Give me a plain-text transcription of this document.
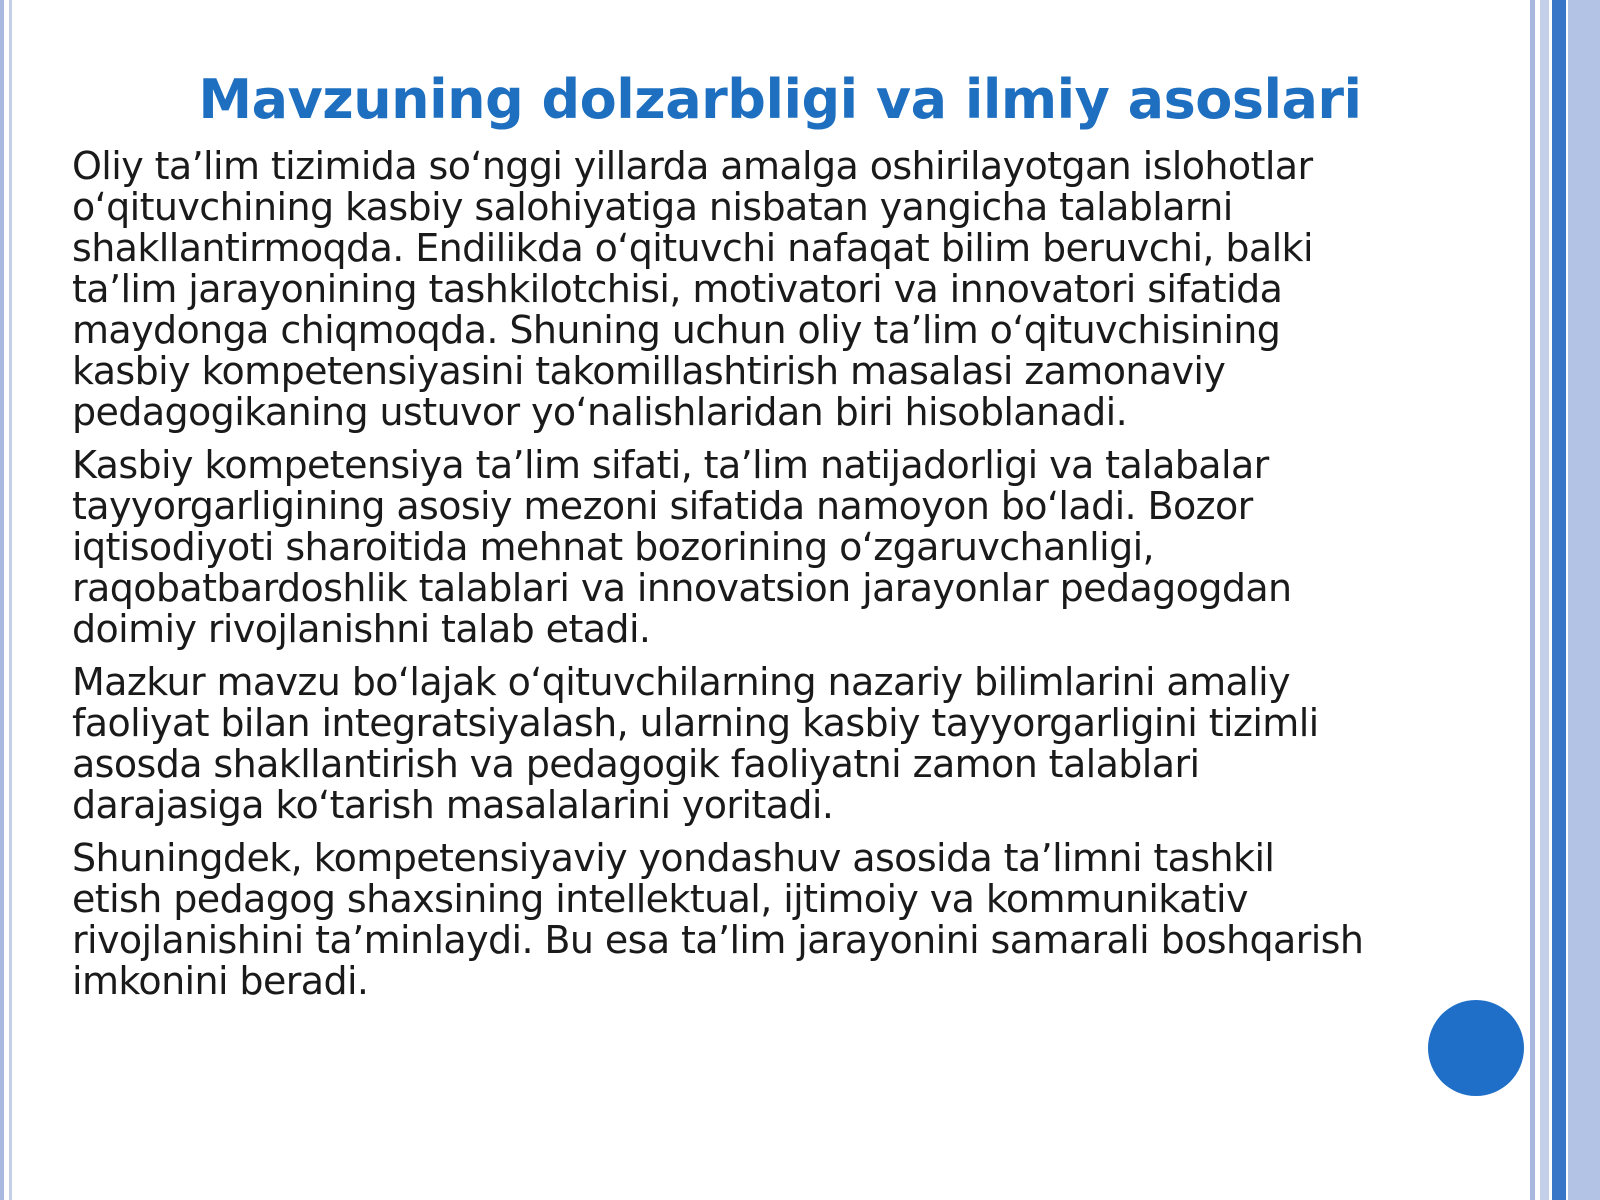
Mavzuning dolzarbligi va ilmiy asoslari

Oliy ta’lim tizimida so‘nggi yillarda amalga oshirilayotgan islohotlar
o‘qituvchining kasbiy salohiyatiga nisbatan yangicha talablarni
shakllantirmoqda. Endilikda o‘qituvchi nafaqat bilim beruvchi, balki
ta’lim jarayonining tashkilotchisi, motivatori va innovatori sifatida
maydonga chiqmoqda. Shuning uchun oliy ta’lim o‘qituvchisining
kasbiy kompetensiyasini takomillashtirish masalasi zamonaviy
pedagogikaning ustuvor yo‘nalishlaridan biri hisoblanadi.

Kasbiy kompetensiya ta’lim sifati, ta’lim natijadorligi va talabalar
tayyorgarligining asosiy mezoni sifatida namoyon bo‘ladi. Bozor
iqtisodiyoti sharoitida mehnat bozorining o‘zgaruvchanligi,
raqobatbardoshlik talablari va innovatsion jarayonlar pedagogdan
doimiy rivojlanishni talab etadi.

Mazkur mavzu bo‘lajak o‘qituvchilarning nazariy bilimlarini amaliy
faoliyat bilan integratsiyalash, ularning kasbiy tayyorgarligini tizimli
asosda shakllantirish va pedagogik faoliyatni zamon talablari
darajasiga ko‘tarish masalalarini yoritadi.

Shuningdek, kompetensiyaviy yondashuv asosida ta’limni tashkil
etish pedagog shaxsining intellektual, ijtimoiy va kommunikativ
rivojlanishini ta’minlaydi. Bu esa ta’lim jarayonini samarali boshqarish
imkonini beradi.
